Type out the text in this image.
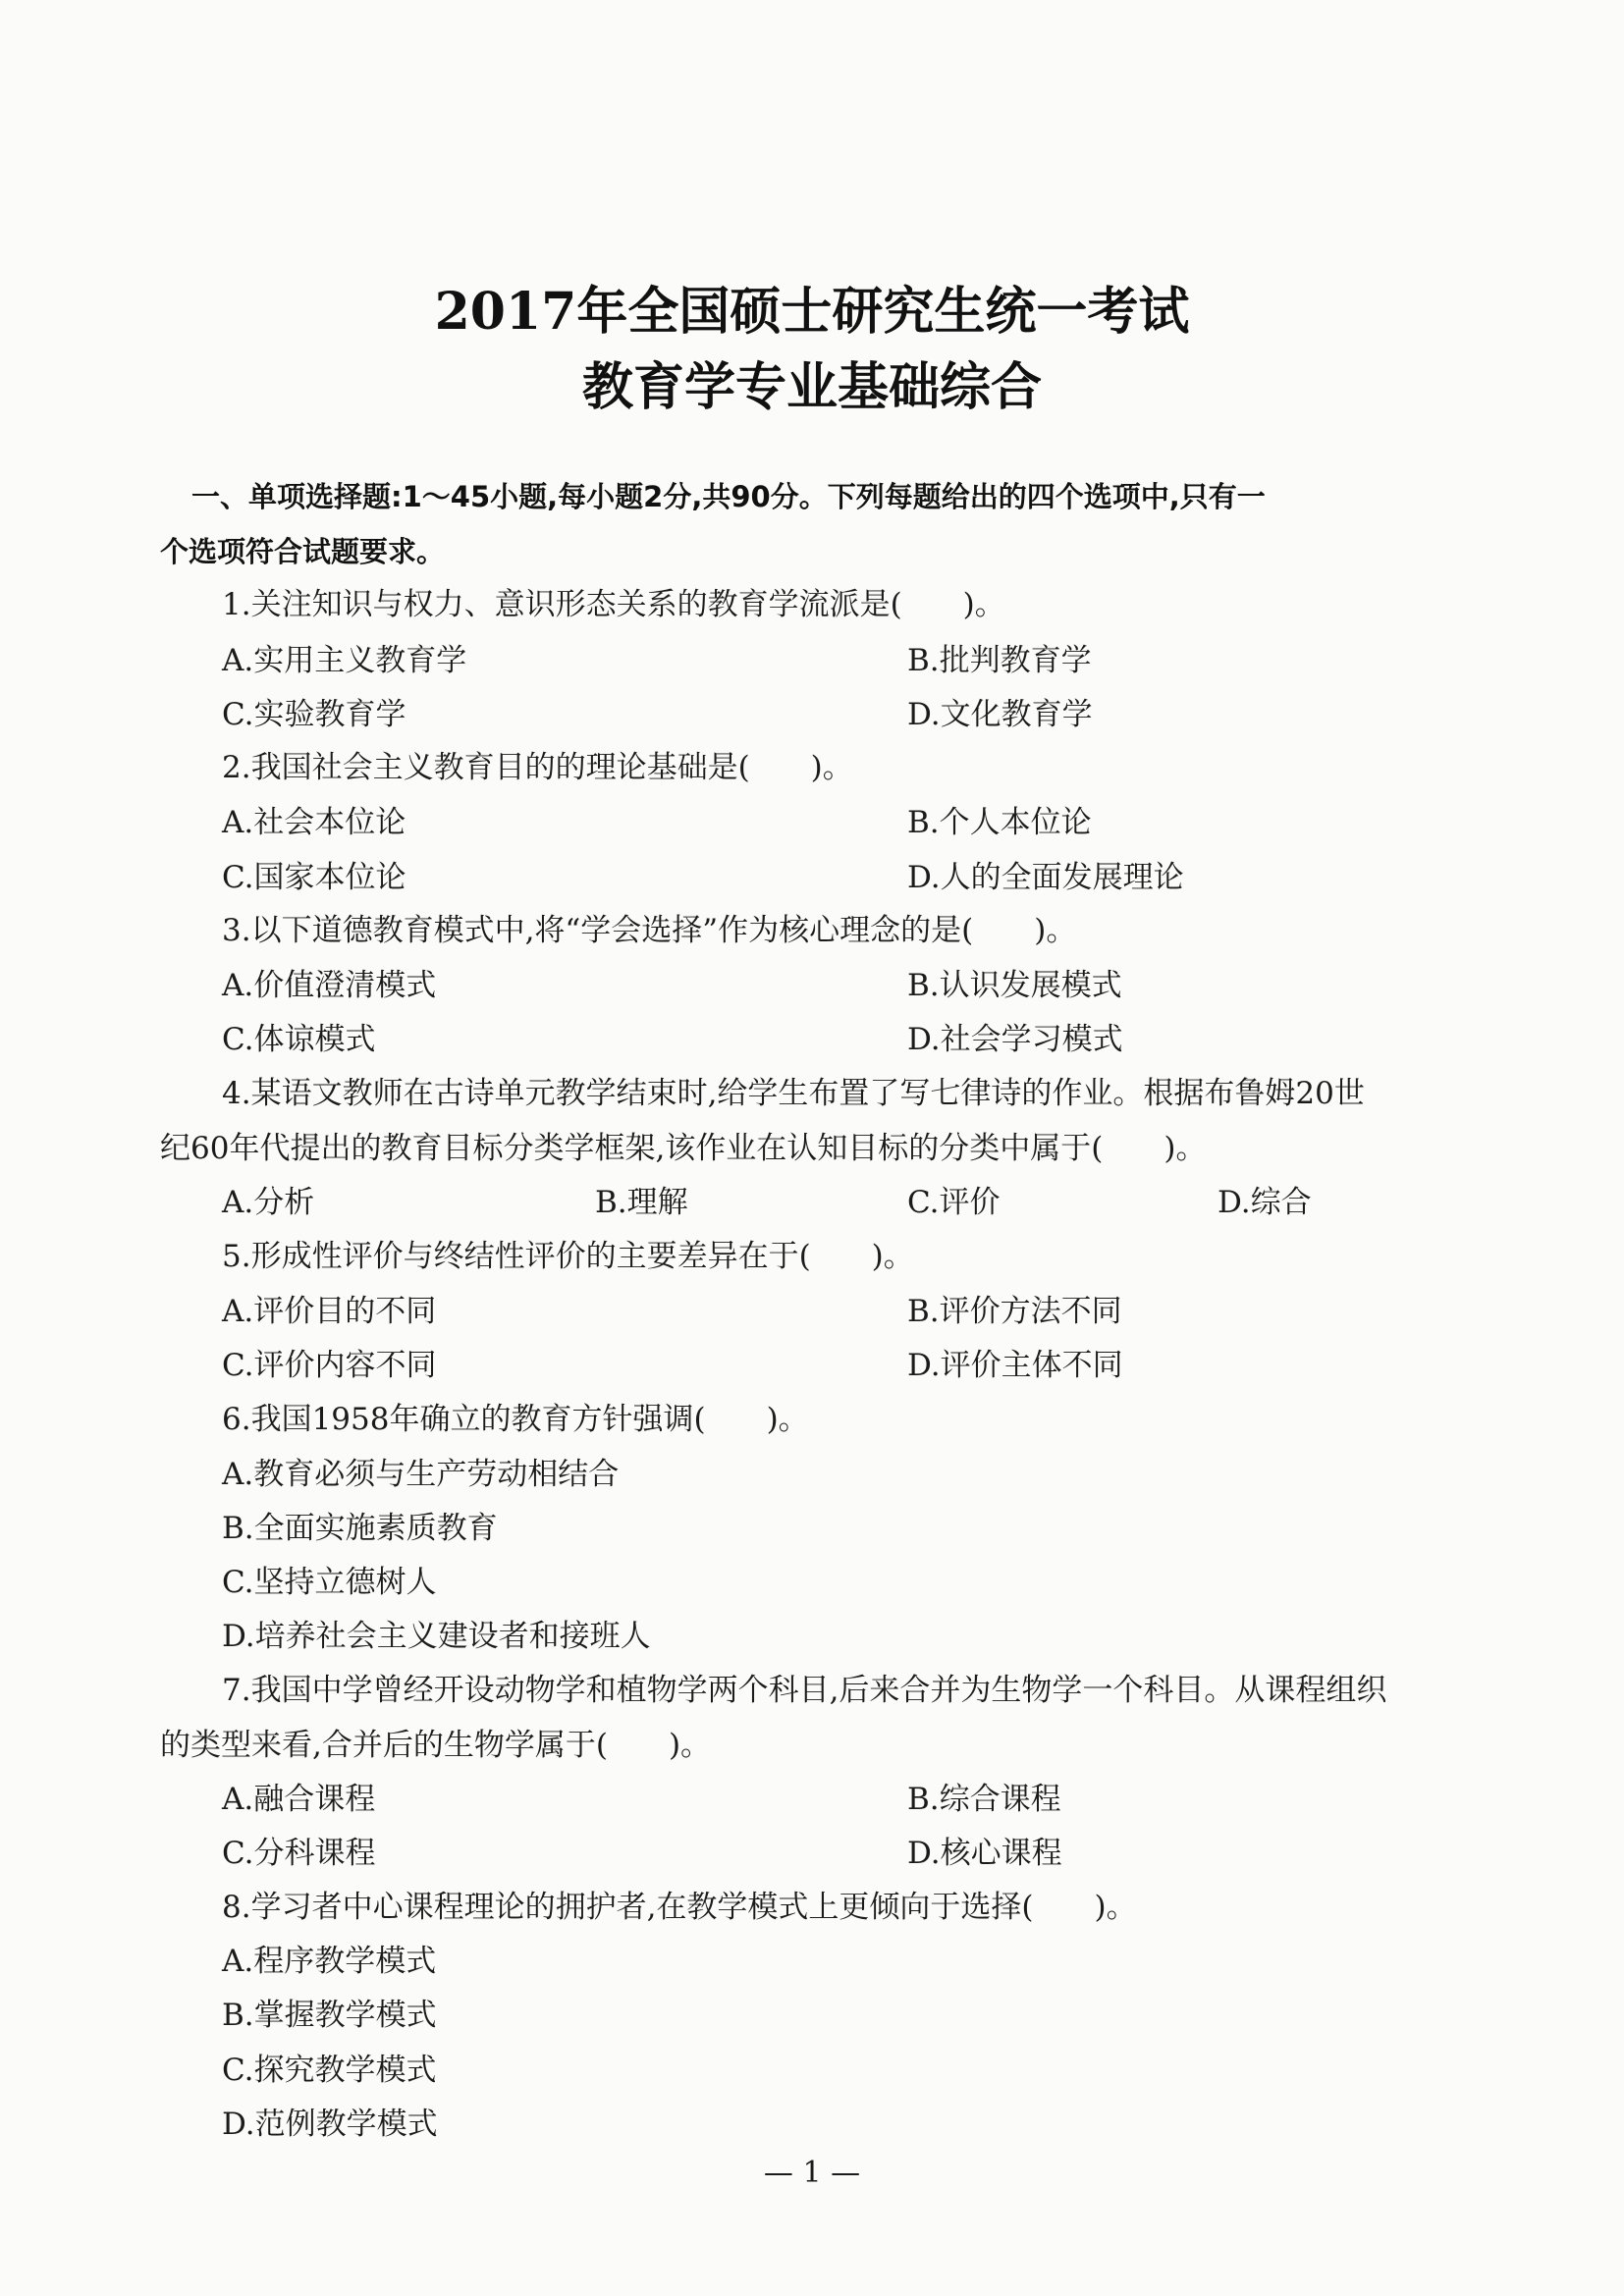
2017年全国硕士研究生统一考试
教育学专业基础综合
一、单项选择题:1～45小题,每小题2分,共90分。下列每题给出的四个选项中,只有一
个选项符合试题要求。
1.关注知识与权力、意识形态关系的教育学流派是(　　)。
A.实用主义教育学	B.批判教育学
C.实验教育学	D.文化教育学
2.我国社会主义教育目的的理论基础是(　　)。
A.社会本位论	B.个人本位论
C.国家本位论	D.人的全面发展理论
3.以下道德教育模式中,将“学会选择”作为核心理念的是(　　)。
A.价值澄清模式	B.认识发展模式
C.体谅模式	D.社会学习模式
4.某语文教师在古诗单元教学结束时,给学生布置了写七律诗的作业。根据布鲁姆20世
纪60年代提出的教育目标分类学框架,该作业在认知目标的分类中属于(　　)。
A.分析	B.理解	C.评价	D.综合
5.形成性评价与终结性评价的主要差异在于(　　)。
A.评价目的不同	B.评价方法不同
C.评价内容不同	D.评价主体不同
6.我国1958年确立的教育方针强调(　　)。
A.教育必须与生产劳动相结合
B.全面实施素质教育
C.坚持立德树人
D.培养社会主义建设者和接班人
7.我国中学曾经开设动物学和植物学两个科目,后来合并为生物学一个科目。从课程组织
的类型来看,合并后的生物学属于(　　)。
A.融合课程	B.综合课程
C.分科课程	D.核心课程
8.学习者中心课程理论的拥护者,在教学模式上更倾向于选择(　　)。
A.程序教学模式
B.掌握教学模式
C.探究教学模式
D.范例教学模式
— 1 —
